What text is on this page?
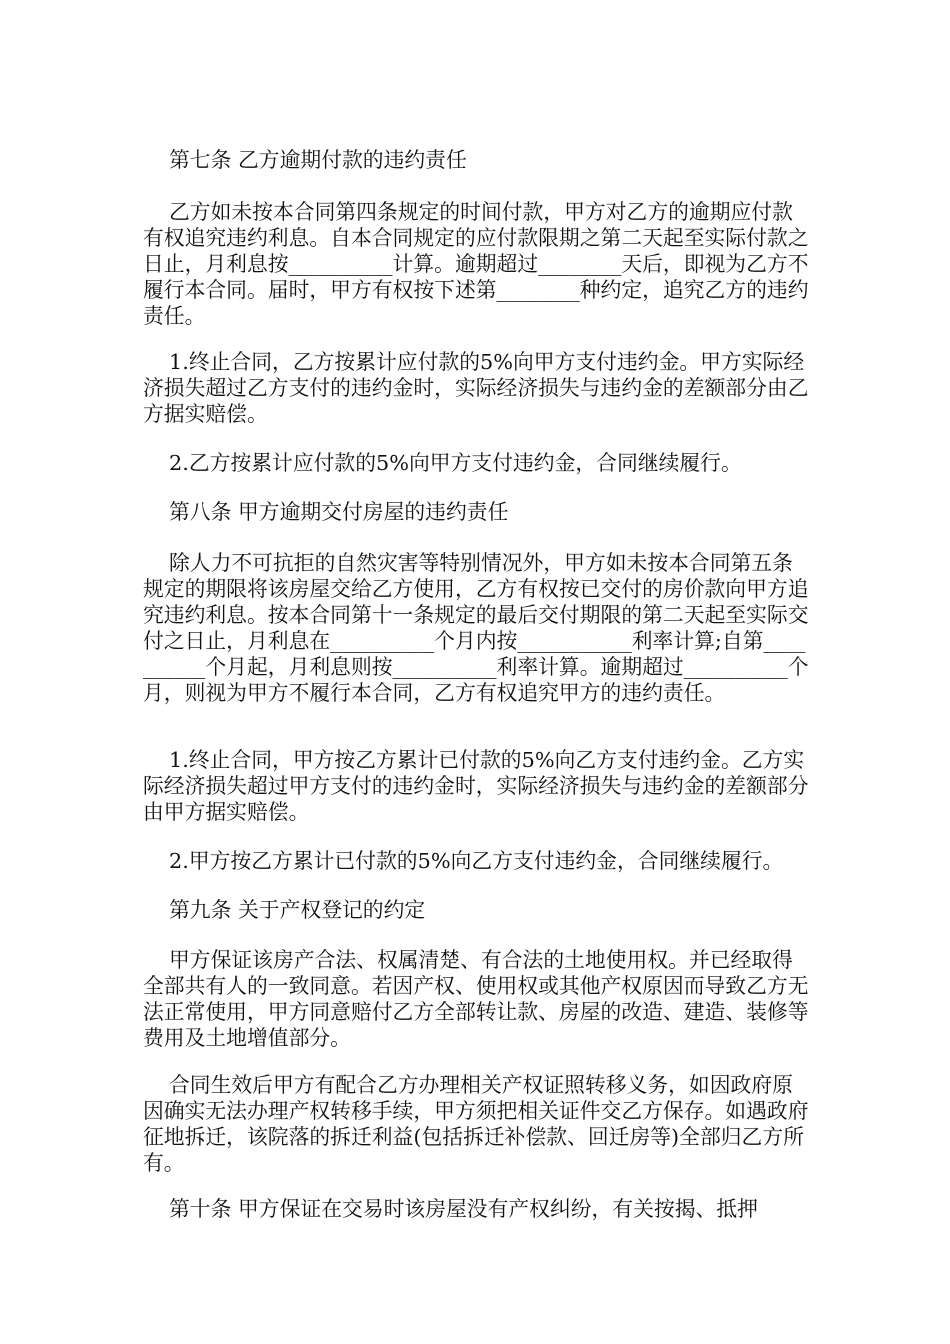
第七条 乙方逾期付款的违约责任

乙方如未按本合同第四条规定的时间付款，甲方对乙方的逾期应付款有权追究违约利息。自本合同规定的应付款限期之第二天起至实际付款之日止，月利息按__________计算。逾期超过________天后，即视为乙方不履行本合同。届时，甲方有权按下述第________种约定，追究乙方的违约责任。

1.终止合同，乙方按累计应付款的5%向甲方支付违约金。甲方实际经济损失超过乙方支付的违约金时，实际经济损失与违约金的差额部分由乙方据实赔偿。

2.乙方按累计应付款的5%向甲方支付违约金，合同继续履行。

第八条 甲方逾期交付房屋的违约责任

除人力不可抗拒的自然灾害等特别情况外，甲方如未按本合同第五条规定的期限将该房屋交给乙方使用，乙方有权按已交付的房价款向甲方追究违约利息。按本合同第十一条规定的最后交付期限的第二天起至实际交付之日止，月利息在__________个月内按___________利率计算;自第__________个月起，月利息则按__________利率计算。逾期超过__________个月，则视为甲方不履行本合同，乙方有权追究甲方的违约责任。

1.终止合同，甲方按乙方累计已付款的5%向乙方支付违约金。乙方实际经济损失超过甲方支付的违约金时，实际经济损失与违约金的差额部分由甲方据实赔偿。

2.甲方按乙方累计已付款的5%向乙方支付违约金，合同继续履行。

第九条 关于产权登记的约定

甲方保证该房产合法、权属清楚、有合法的土地使用权。并已经取得全部共有人的一致同意。若因产权、使用权或其他产权原因而导致乙方无法正常使用，甲方同意赔付乙方全部转让款、房屋的改造、建造、装修等费用及土地增值部分。

合同生效后甲方有配合乙方办理相关产权证照转移义务，如因政府原因确实无法办理产权转移手续，甲方须把相关证件交乙方保存。如遇政府征地拆迁，该院落的拆迁利益(包括拆迁补偿款、回迁房等)全部归乙方所有。

第十条 甲方保证在交易时该房屋没有产权纠纷，有关按揭、抵押
